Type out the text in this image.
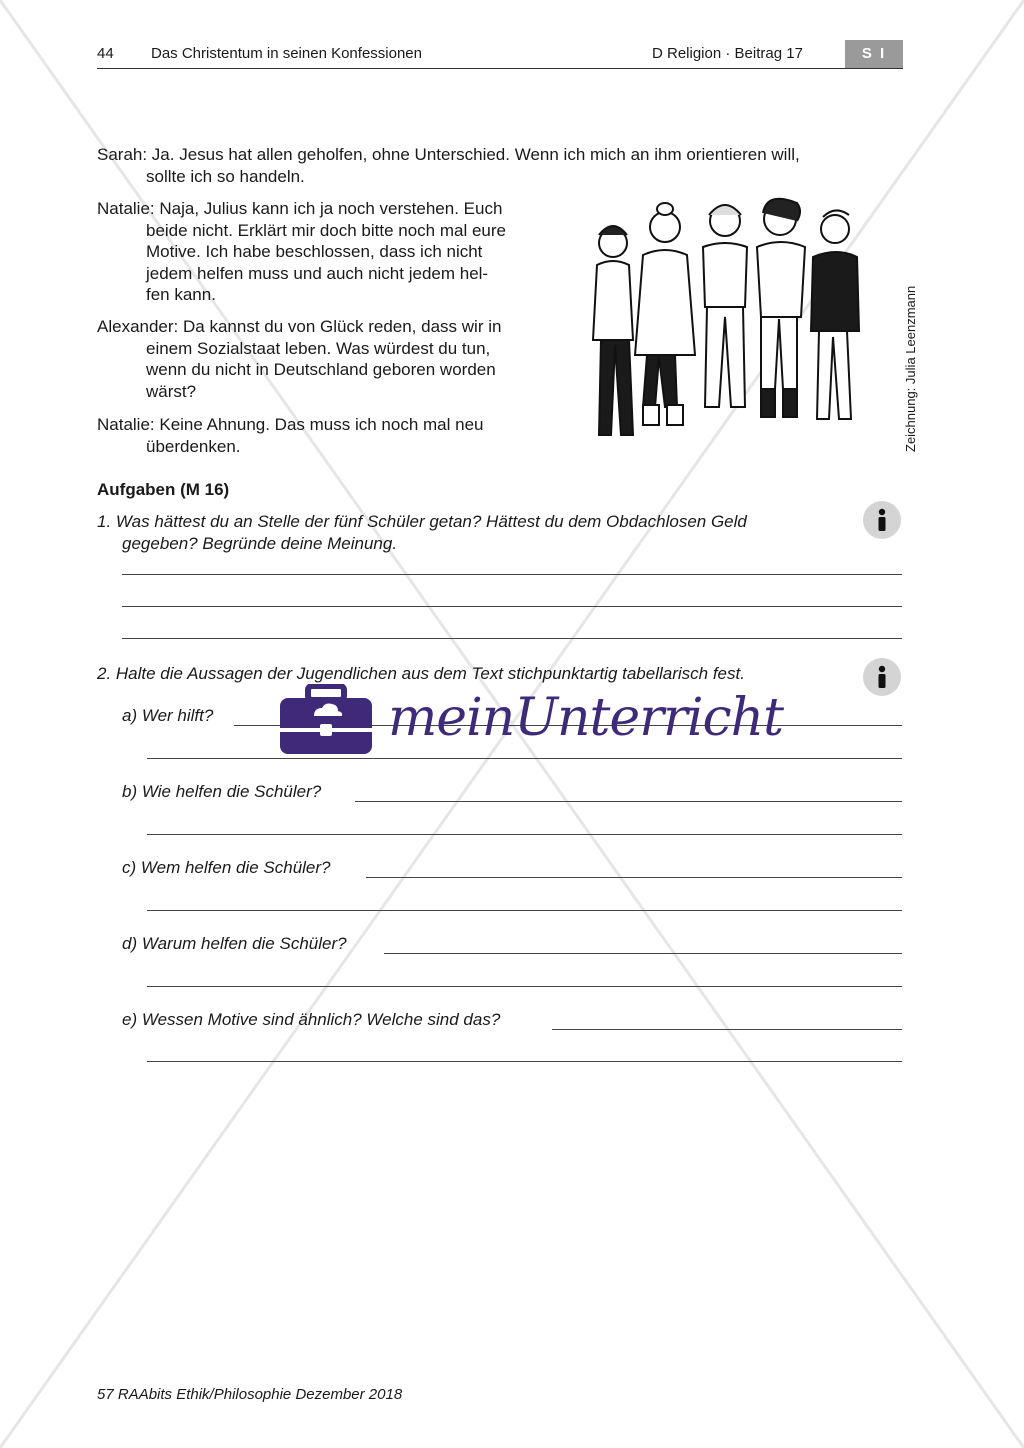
44 Das Christentum in seinen Konfessionen	D Religion · Beitrag 17	S I
Sarah: Ja. Jesus hat allen geholfen, ohne Unterschied. Wenn ich mich an ihm orientieren will,
sollte ich so handeln.
Natalie: Naja, Julius kann ich ja noch verstehen. Euch
beide nicht. Erklärt mir doch bitte noch mal eure
Motive. Ich habe beschlossen, dass ich nicht
jedem helfen muss und auch nicht jedem hel-
fen kann.
Alexander: Da kannst du von Glück reden, dass wir in
einem Sozialstaat leben. Was würdest du tun,
wenn du nicht in Deutschland geboren worden
wärst?
Natalie: Keine Ahnung. Das muss ich noch mal neu
überdenken.	Zeichnung: Julia Leenzmann
Aufgaben (M 16)
1. Was hättest du an Stelle der fünf Schüler getan? Hättest du dem Obdachlosen Geld
gegeben? Begründe deine Meinung.
2. Halte die Aussagen der Jugendlichen aus dem Text stichpunktartig tabellarisch fest.
a) Wer hilft?
b) Wie helfen die Schüler?
c) Wem helfen die Schüler?
d) Warum helfen die Schüler?
e) Wessen Motive sind ähnlich? Welche sind das?
meinUnterricht
57 RAAbits Ethik/Philosophie Dezember 2018
